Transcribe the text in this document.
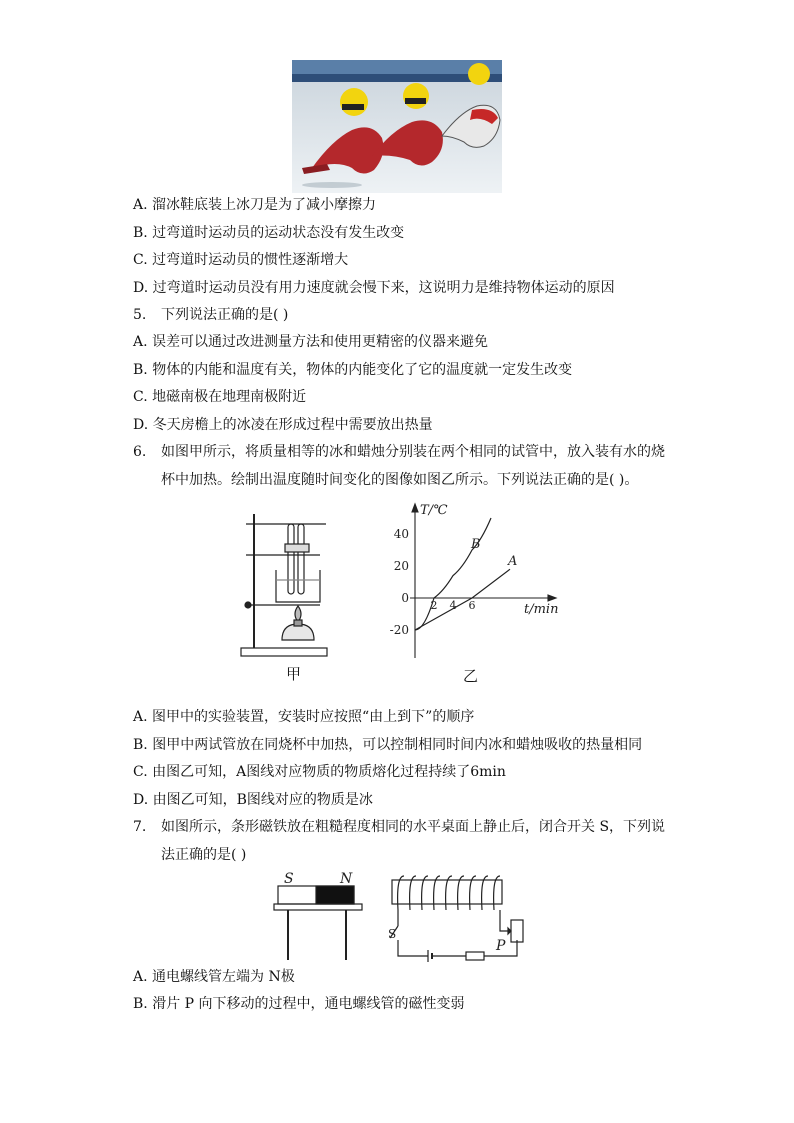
A. 溜冰鞋底装上冰刀是为了减小摩擦力
B. 过弯道时运动员的运动状态没有发生改变
C. 过弯道时运动员的惯性逐渐增大
D. 过弯道时运动员没有用力速度就会慢下来，这说明力是维持物体运动的原因
5. 下列说法正确的是( )
A. 误差可以通过改进测量方法和使用更精密的仪器来避免
B. 物体的内能和温度有关，物体的内能变化了它的温度就一定发生改变
C. 地磁南极在地理南极附近
D. 冬天房檐上的冰凌在形成过程中需要放出热量
6. 如图甲所示，将质量相等的冰和蜡烛分别装在两个相同的试管中，放入装有水的烧
杯中加热。绘制出温度随时间变化的图像如图乙所示。下列说法正确的是( )。
甲
40
20
0
-20
2 4 6
A
B
T/℃
t/min
乙
A. 图甲中的实验装置，安装时应按照“由上到下”的顺序
B. 图甲中两试管放在同烧杯中加热，可以控制相同时间内冰和蜡烛吸收的热量相同
C. 由图乙可知，A图线对应物质的物质熔化过程持续了6min
D. 由图乙可知，B图线对应的物质是冰
7. 如图所示，条形磁铁放在粗糙程度相同的水平桌面上静止后，闭合开关 S，下列说
法正确的是( )
S	N
S
P
A. 通电螺线管左端为 N极
B. 滑片 P 向下移动的过程中，通电螺线管的磁性变弱
